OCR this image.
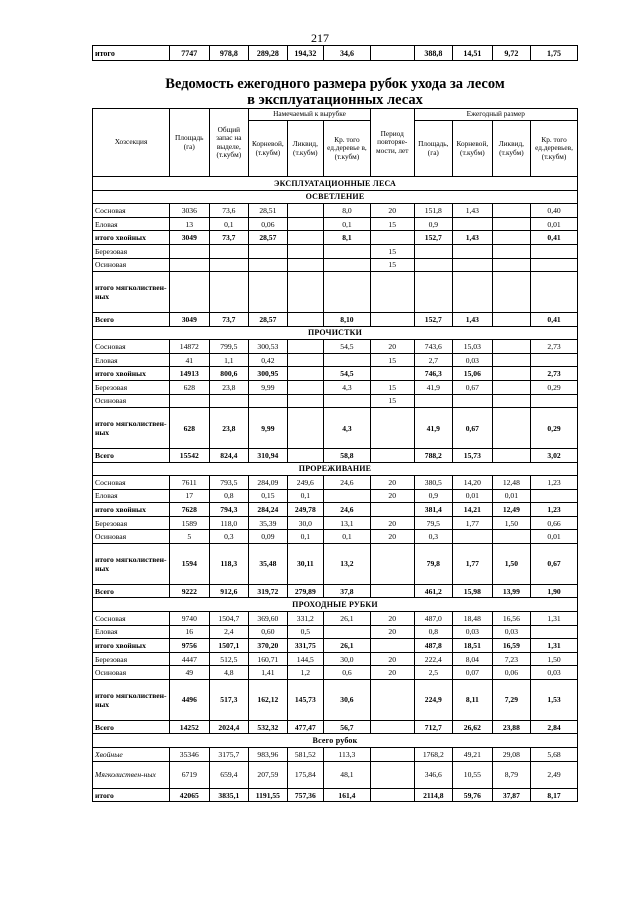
217
итого	7747	978,8	289,28	194,32	34,6		388,8	14,51	9,72	1,75
Ведомость ежегодного размера рубок ухода за лесом
в эксплуатационных лесах
Хозсекция	Площадь (га)	Общий запас на выделе, (т.кубм)	Намечаемый к вырубке			Период повторяе-мости, лет	Ежегодный размер			
			Корневой, (т.кубм)	Ликвид, (т.кубм)	Кр. того ед.деревье в, (т.кубм)		Площадь, (га)	Корневой, (т.кубм)	Ликвид, (т.кубм)	Кр. того ед.деревьев, (т.кубм)
ЭКСПЛУАТАЦИОННЫЕ ЛЕСА										
ОСВЕТЛЕНИЕ										
Сосновая	3036	73,6	28,51		8,0	20	151,8	1,43		0,40
Еловая	13	0,1	0,06		0,1	15	0,9			0,01
итого хвойных	3049	73,7	28,57		8,1		152,7	1,43		0,41
Березовая						15				
Осиновая						15				
итого мягколиствен-ных										
Всего	3049	73,7	28,57		8,10		152,7	1,43		0,41
ПРОЧИСТКИ										
Сосновая	14872	799,5	300,53		54,5	20	743,6	15,03		2,73
Еловая	41	1,1	0,42			15	2,7	0,03		
итого хвойных	14913	800,6	300,95		54,5		746,3	15,06		2,73
Березовая	628	23,8	9,99		4,3	15	41,9	0,67		0,29
Осиновая						15				
итого мягколиствен-ных	628	23,8	9,99		4,3		41,9	0,67		0,29
Всего	15542	824,4	310,94		58,8		788,2	15,73		3,02
ПРОРЕЖИВАНИЕ										
Сосновая	7611	793,5	284,09	249,6	24,6	20	380,5	14,20	12,48	1,23
Еловая	17	0,8	0,15	0,1		20	0,9	0,01	0,01	
итого хвойных	7628	794,3	284,24	249,78	24,6		381,4	14,21	12,49	1,23
Березовая	1589	118,0	35,39	30,0	13,1	20	79,5	1,77	1,50	0,66
Осиновая	5	0,3	0,09	0,1	0,1	20	0,3			0,01
итого мягколиствен-ных	1594	118,3	35,48	30,11	13,2		79,8	1,77	1,50	0,67
Всего	9222	912,6	319,72	279,89	37,8		461,2	15,98	13,99	1,90
ПРОХОДНЫЕ РУБКИ										
Сосновая	9740	1504,7	369,60	331,2	26,1	20	487,0	18,48	16,56	1,31
Еловая	16	2,4	0,60	0,5		20	0,8	0,03	0,03	
итого хвойных	9756	1507,1	370,20	331,75	26,1		487,8	18,51	16,59	1,31
Березовая	4447	512,5	160,71	144,5	30,0	20	222,4	8,04	7,23	1,50
Осиновая	49	4,8	1,41	1,2	0,6	20	2,5	0,07	0,06	0,03
итого мягколиствен-ных	4496	517,3	162,12	145,73	30,6		224,9	8,11	7,29	1,53
Всего	14252	2024,4	532,32	477,47	56,7		712,7	26,62	23,88	2,84
Всего рубок										
Хвойные	35346	3175,7	983,96	581,52	113,3		1768,2	49,21	29,08	5,68
Мягколиствен-ных	6719	659,4	207,59	175,84	48,1		346,6	10,55	8,79	2,49
итого	42065	3835,1	1191,55	757,36	161,4		2114,8	59,76	37,87	8,17
